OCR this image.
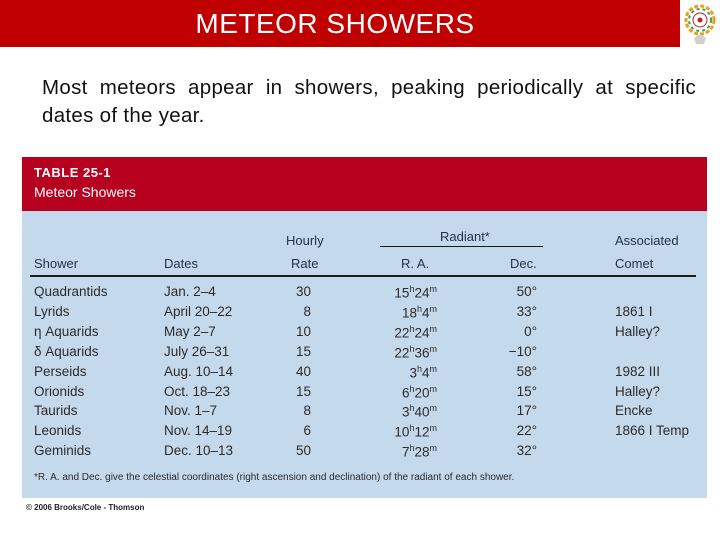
METEOR SHOWERS
Most meteors appear in showers, peaking periodically at specific dates of the year.
TABLE 25-1
Meteor Showers
Hourly	Radiant*	Associated
Shower	Dates	Rate	R. A.	Dec.	Comet
Quadrantids	Jan. 2–4	30	15$^h$24$^m$	50°
Lyrids	April 20–22	8	18$^h$4$^m$	33°	1861 I
η Aquarids	May 2–7	10	22$^h$24$^m$	0°	Halley?
δ Aquarids	July 26–31	15	$22^h36^m$	−10°
Perseids	Aug. 10–14	40	3$^h$4$^m$	58°	1982 III
Orionids	Oct. 18–23	15	6$^h$20$^m$	15°	Halley?
Taurids	Nov. 1–7	8	3$^h$40$^m$	17°	Encke
Leonids	Nov. 14–19	6	10$^h$12$^m$	22°	1866 I Temp
Geminids	Dec. 10–13	50	7$^h$28$^m$	32°
*R. A. and Dec. give the celestial coordinates (right ascension and declination) of the radiant of each shower.
© 2006 Brooks/Cole - Thomson
